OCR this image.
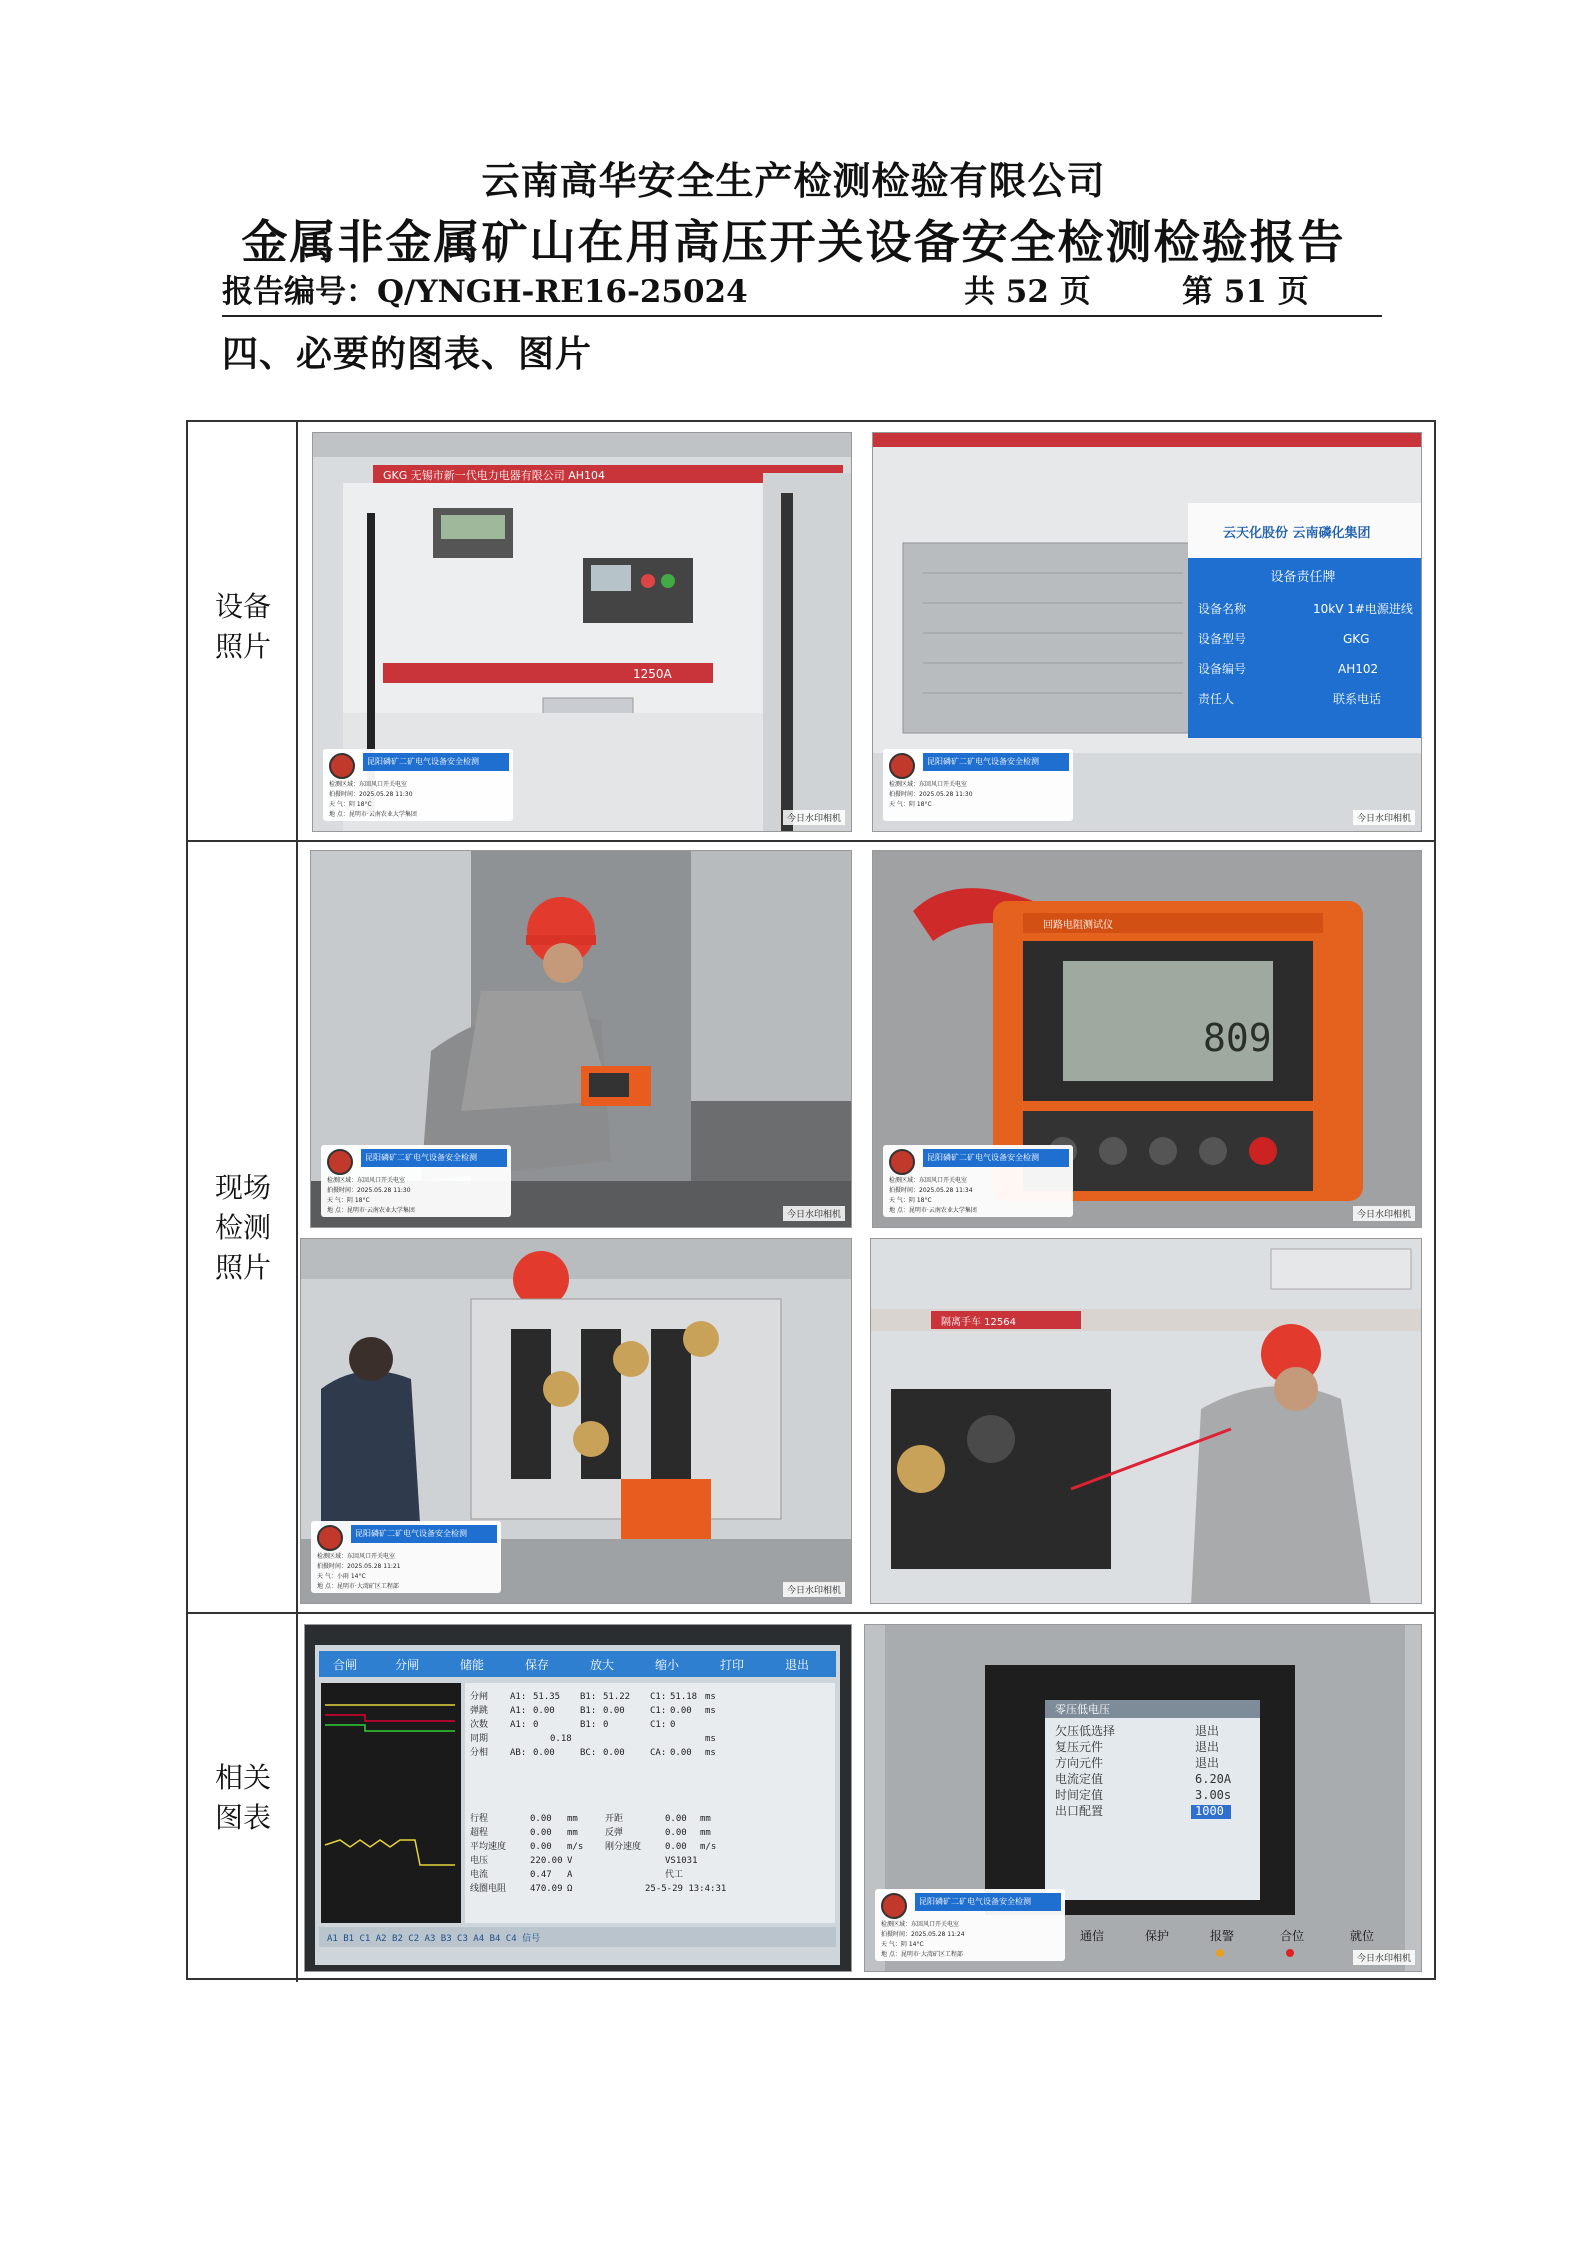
云南高华安全生产检测检验有限公司
金属非金属矿山在用高压开关设备安全检测检验报告
报告编号：Q/YNGH-RE16-25024	共 52 页	第 51 页
四、必要的图表、图片
设备
照片
GKG 无锡市新一代电力电器有限公司 AH104
1250A
昆阳磷矿二矿电气设备安全检测
检测区域：东回风口开关电室
拍摄时间：2025.05.28 11:30
天 气：阴 18°C
地 点：昆明市·云南农业大学集团	今日水印相机
云天化股份 云南磷化集团
设备责任牌
设备名称	10kV 1#电源进线
设备型号	GKG
设备编号	AH102
责任人	联系电话
昆阳磷矿二矿电气设备安全检测
检测区域：东回风口开关电室
拍摄时间：2025.05.28 11:30
天 气：阴 18°C
今日水印相机
现场
检测
照片
昆阳磷矿二矿电气设备安全检测
检测区域：东回风口开关电室
拍摄时间：2025.05.28 11:30
天 气：阴 18°C
地 点：昆明市·云南农业大学集团	今日水印相机
回路电阻测试仪
809
昆阳磷矿二矿电气设备安全检测
检测区域：东回风口开关电室
拍摄时间：2025.05.28 11:34
天 气：阴 18°C
地 点：昆明市·云南农业大学集团	今日水印相机
昆阳磷矿二矿电气设备安全检测
检测区域：东回风口开关电室
拍摄时间：2025.05.28 11:21
天 气：小雨 14°C
地 点：昆明市·大湾矿区工程部	今日水印相机
隔离手车 12564
相关
图表
合闸	分闸	储能	保存	放大	缩小	打印	退出
分闸 A1: 51.35 B1: 51.22 C1: 51.18 ms
弹跳 A1: 0.00	B1: 0.00	C1: 0.00 ms
次数 A1: 0	B1: 0	C1: 0
同期	0.18	ms
分相 AB: 0.00	BC: 0.00	CA: 0.00 ms
行程	0.00 mm	开距	0.00 mm
超程	0.00 mm	反弹	0.00 mm
平均速度	0.00 m/s 刚分速度	0.00 m/s
电压	220.00 V	VS1031
电流	0.47 A	代工
线圈电阻	470.09 Ω	25-5-29 13:4:31
A1 B1 C1 A2 B2 C2 A3 B3 C3 A4 B4 C4 信号
零压低电压
欠压低选择	退出
复压元件	退出
方向元件	退出
电流定值	6.20A
时间定值	3.00s
出口配置	1000
通信	保护	报警	合位	就位
昆阳磷矿二矿电气设备安全检测
检测区域：东回风口开关电室
拍摄时间：2025.05.28 11:24
天 气：阴 14°C
地 点：昆明市·大湾矿区工程部	今日水印相机
